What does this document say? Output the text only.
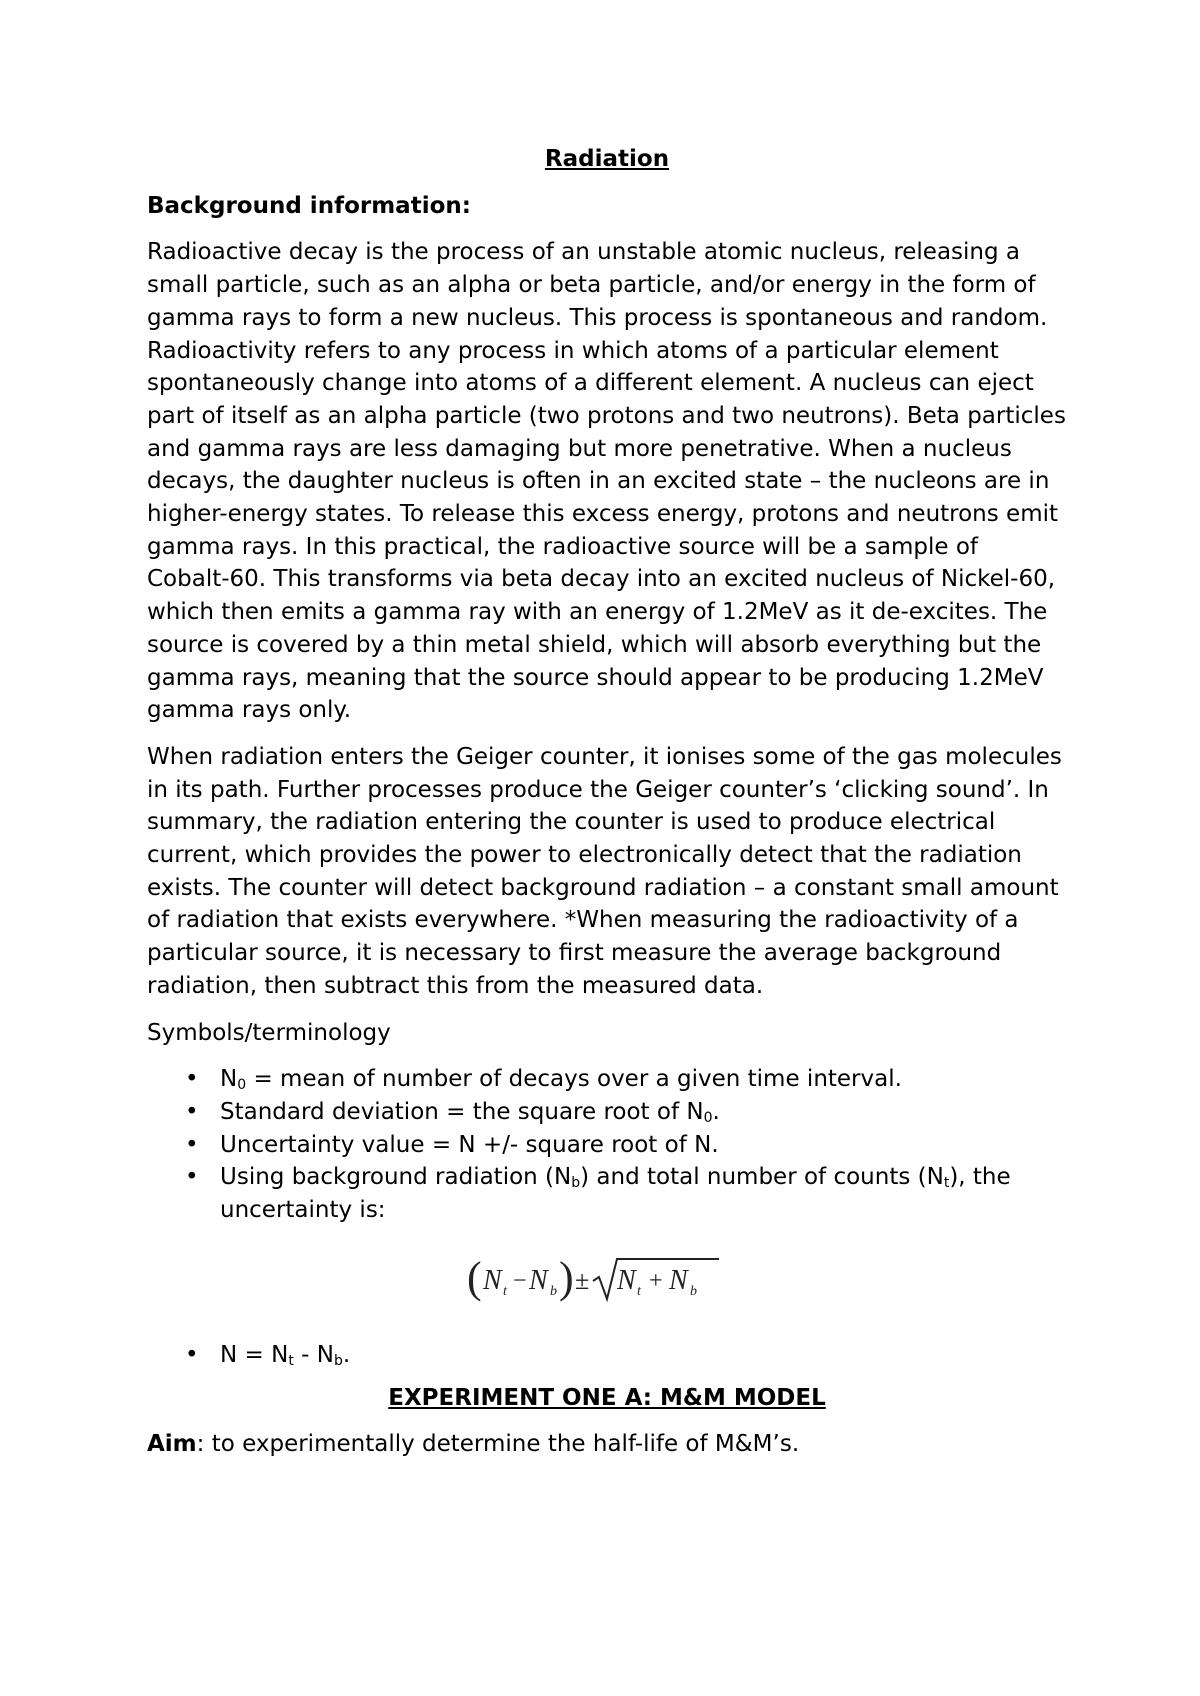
Radiation
Background information:

Radioactive decay is the process of an unstable atomic nucleus, releasing a small particle, such as an alpha or beta particle, and/or energy in the form of gamma rays to form a new nucleus. This process is spontaneous and random. Radioactivity refers to any process in which atoms of a particular element spontaneously change into atoms of a different element. A nucleus can eject part of itself as an alpha particle (two protons and two neutrons). Beta particles and gamma rays are less damaging but more penetrative. When a nucleus decays, the daughter nucleus is often in an excited state – the nucleons are in higher-energy states. To release this excess energy, protons and neutrons emit gamma rays. In this practical, the radioactive source will be a sample of Cobalt-60. This transforms via beta decay into an excited nucleus of Nickel-60, which then emits a gamma ray with an energy of 1.2MeV as it de-excites. The source is covered by a thin metal shield, which will absorb everything but the gamma rays, meaning that the source should appear to be producing 1.2MeV gamma rays only.

When radiation enters the Geiger counter, it ionises some of the gas molecules in its path. Further processes produce the Geiger counter’s ‘clicking sound’. In summary, the radiation entering the counter is used to produce electrical current, which provides the power to electronically detect that the radiation exists. The counter will detect background radiation – a constant small amount of radiation that exists everywhere. *When measuring the radioactivity of a particular source, it is necessary to first measure the average background radiation, then subtract this from the measured data.

Symbols/terminology

• $N_0$ = mean of number of decays over a given time interval.
• Standard deviation = the square root of $N_0$.
• Uncertainty value = N +/- square root of N.
• Using background radiation $(N_b)$ and total number of counts $(N_t)$, the uncertainty is:
( N t − N b ) ± N t + N b
• $N = N_t - N_b$.
EXPERIMENT ONE A: M&M MODEL

Aim: to experimentally determine the half-life of M&M’s.
